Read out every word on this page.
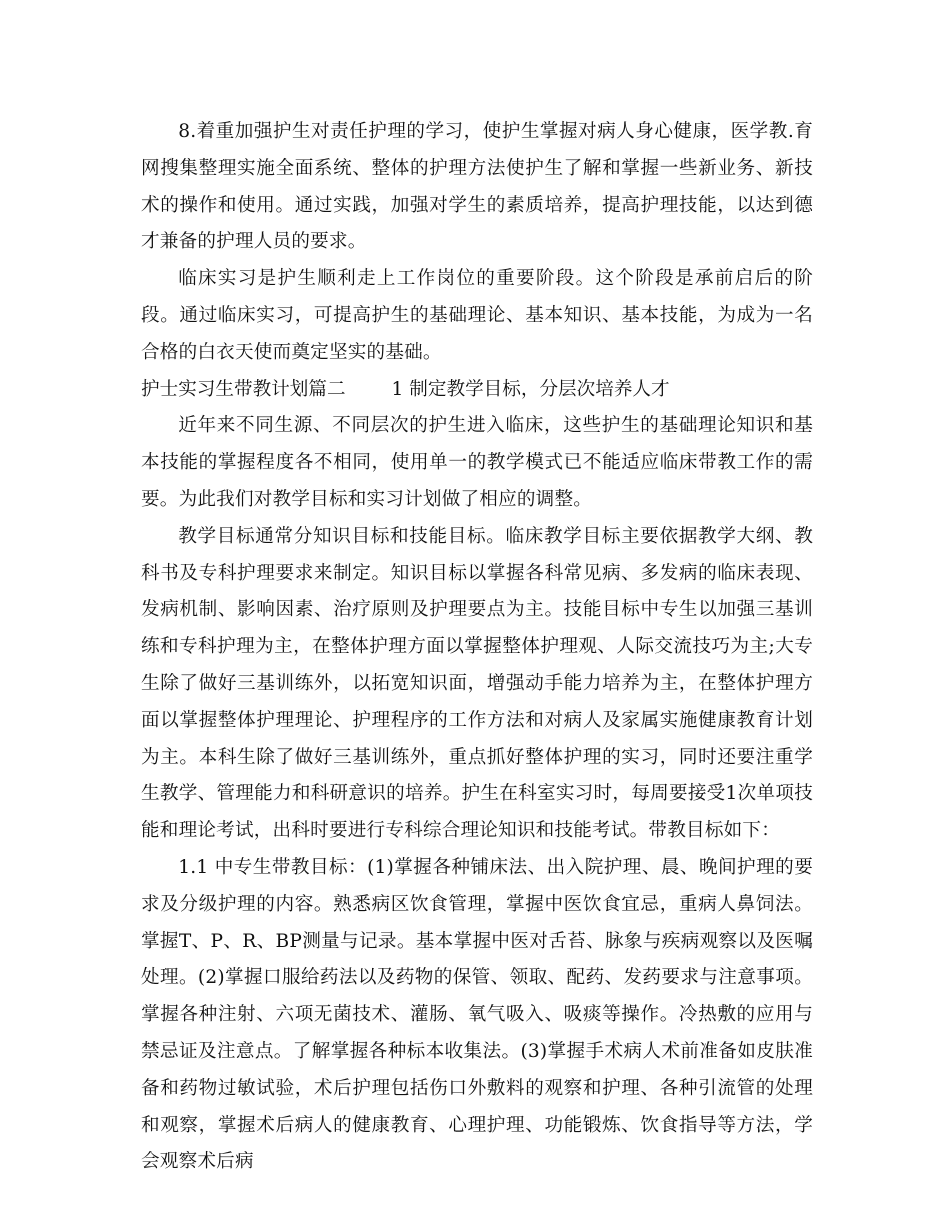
8.着重加强护生对责任护理的学习，使护生掌握对病人身心健康，医学教.育网搜集整理实施全面系统、整体的护理方法使护生了解和掌握一些新业务、新技术的操作和使用。通过实践，加强对学生的素质培养，提高护理技能，以达到德才兼备的护理人员的要求。

临床实习是护生顺利走上工作岗位的重要阶段。这个阶段是承前启后的阶段。通过临床实习，可提高护生的基础理论、基本知识、基本技能，为成为一名合格的白衣天使而奠定坚实的基础。

护士实习生带教计划篇二 1 制定教学目标，分层次培养人才

近年来不同生源、不同层次的护生进入临床，这些护生的基础理论知识和基本技能的掌握程度各不相同，使用单一的教学模式已不能适应临床带教工作的需要。为此我们对教学目标和实习计划做了相应的调整。

教学目标通常分知识目标和技能目标。临床教学目标主要依据教学大纲、教科书及专科护理要求来制定。知识目标以掌握各科常见病、多发病的临床表现、发病机制、影响因素、治疗原则及护理要点为主。技能目标中专生以加强三基训练和专科护理为主，在整体护理方面以掌握整体护理观、人际交流技巧为主;大专生除了做好三基训练外，以拓宽知识面，增强动手能力培养为主，在整体护理方面以掌握整体护理理论、护理程序的工作方法和对病人及家属实施健康教育计划为主。本科生除了做好三基训练外，重点抓好整体护理的实习，同时还要注重学生教学、管理能力和科研意识的培养。护生在科室实习时，每周要接受1次单项技能和理论考试，出科时要进行专科综合理论知识和技能考试。带教目标如下：

1.1 中专生带教目标：(1)掌握各种铺床法、出入院护理、晨、晚间护理的要求及分级护理的内容。熟悉病区饮食管理，掌握中医饮食宜忌，重病人鼻饲法。掌握T、P、R、BP测量与记录。基本掌握中医对舌苔、脉象与疾病观察以及医嘱处理。(2)掌握口服给药法以及药物的保管、领取、配药、发药要求与注意事项。掌握各种注射、六项无菌技术、灌肠、氧气吸入、吸痰等操作。冷热敷的应用与禁忌证及注意点。了解掌握各种标本收集法。(3)掌握手术病人术前准备如皮肤准备和药物过敏试验，术后护理包括伤口外敷料的观察和护理、各种引流管的处理和观察，掌握术后病人的健康教育、心理护理、功能锻炼、饮食指导等方法，学会观察术后病
